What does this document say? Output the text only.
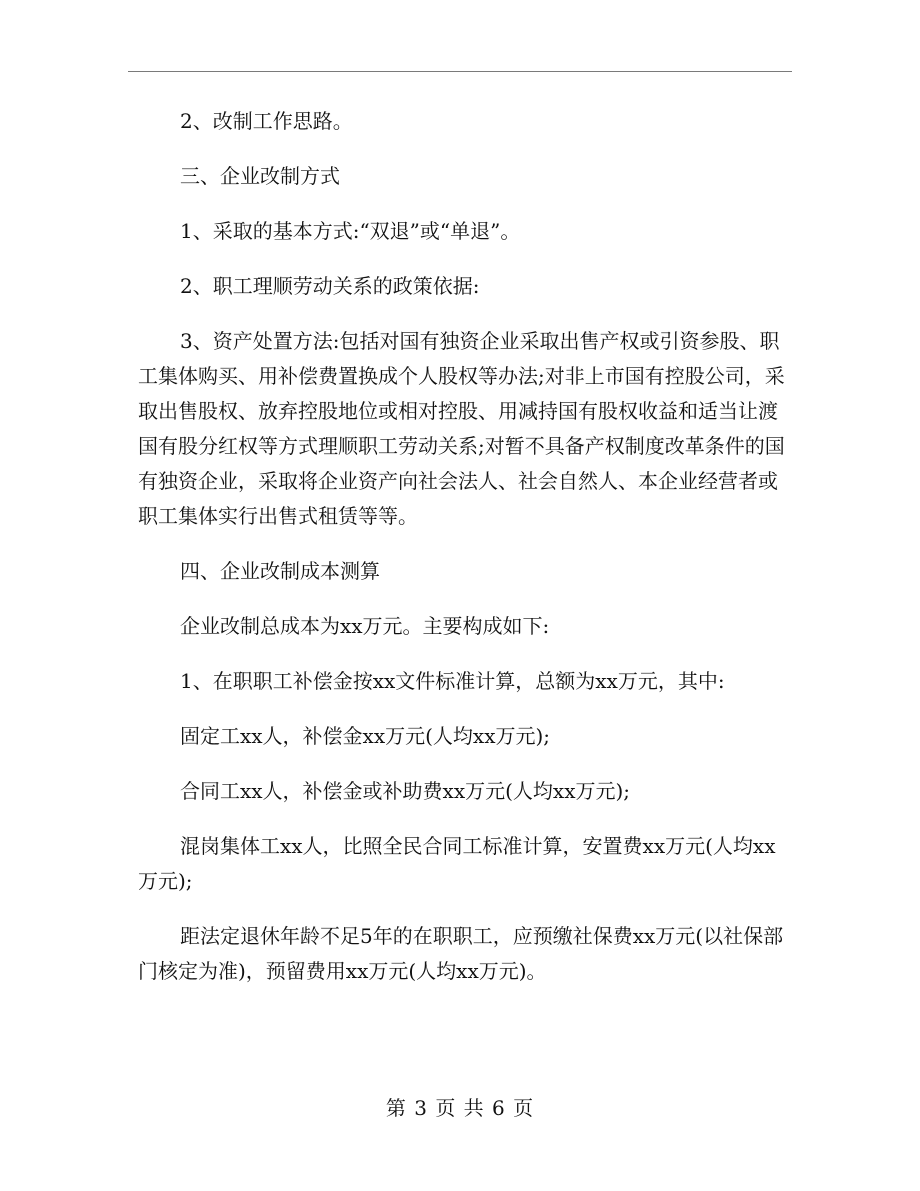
2、改制工作思路。

三、企业改制方式

1、采取的基本方式:“双退”或“单退”。

2、职工理顺劳动关系的政策依据:

3、资产处置方法:包括对国有独资企业采取出售产权或引资参股、职工集体购买、用补偿费置换成个人股权等办法;对非上市国有控股公司，采取出售股权、放弃控股地位或相对控股、用减持国有股权收益和适当让渡国有股分红权等方式理顺职工劳动关系;对暂不具备产权制度改革条件的国有独资企业，采取将企业资产向社会法人、社会自然人、本企业经营者或职工集体实行出售式租赁等等。

四、企业改制成本测算

企业改制总成本为xx万元。主要构成如下:

1、在职职工补偿金按xx文件标准计算，总额为xx万元，其中:

固定工xx人，补偿金xx万元(人均xx万元);

合同工xx人，补偿金或补助费xx万元(人均xx万元);

混岗集体工xx人，比照全民合同工标准计算，安置费xx万元(人均xx万元);

距法定退休年龄不足5年的在职职工，应预缴社保费xx万元(以社保部门核定为准)，预留费用xx万元(人均xx万元)。

第 3 页 共 6 页
